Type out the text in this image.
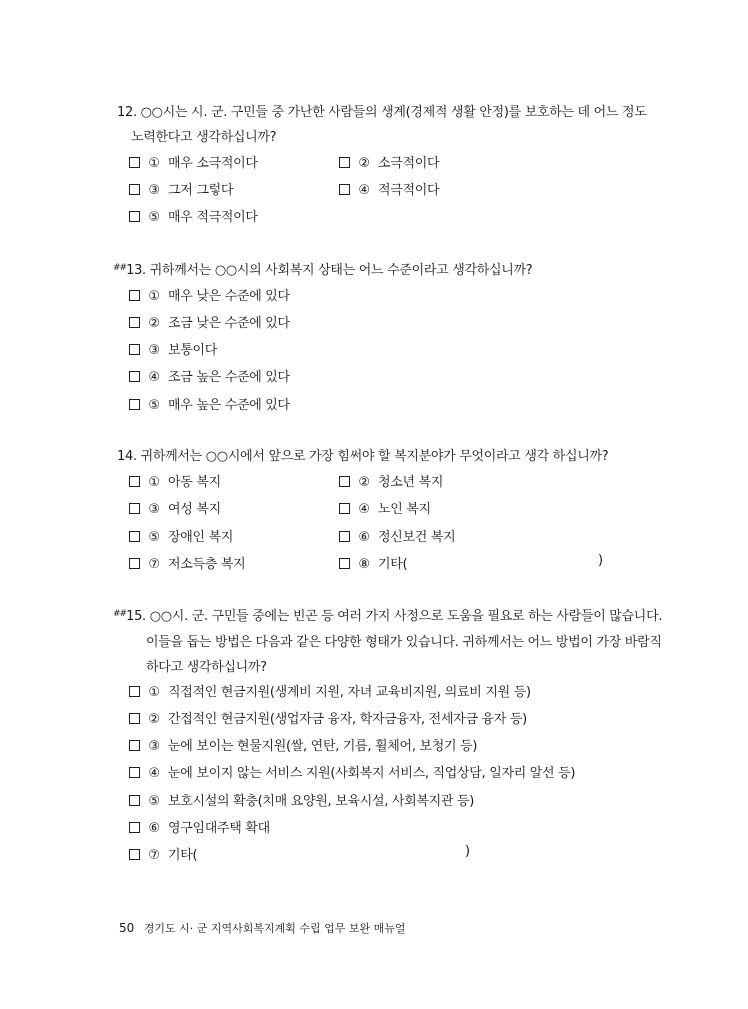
12. ○○시는 시. 군. 구민들 중 가난한 사람들의 생계(경제적 생활 안정)를 보호하는 데 어느 정도
노력한다고 생각하십니까?
① 매우 소극적이다	② 소극적이다
③ 그저 그렇다	④ 적극적이다
⑤ 매우 적극적이다
##13. 귀하께서는 ○○시의 사회복지 상태는 어느 수준이라고 생각하십니까?
① 매우 낮은 수준에 있다
② 조금 낮은 수준에 있다
③ 보통이다
④ 조금 높은 수준에 있다
⑤ 매우 높은 수준에 있다
14. 귀하께서는 ○○시에서 앞으로 가장 힘써야 할 복지분야가 무엇이라고 생각 하십니까?
① 아동 복지	② 청소년 복지
③ 여성 복지	④ 노인 복지
⑤ 장애인 복지	⑥ 정신보건 복지
⑦ 저소득층 복지	⑧ 기타(	)
##15. ○○시. 군. 구민들 중에는 빈곤 등 여러 가지 사정으로 도움을 필요로 하는 사람들이 많습니다.
이들을 돕는 방법은 다음과 같은 다양한 형태가 있습니다. 귀하께서는 어느 방법이 가장 바람직
하다고 생각하십니까?
① 직접적인 현금지원(생계비 지원, 자녀 교육비지원, 의료비 지원 등)
② 간접적인 현금지원(생업자금 융자, 학자금융자, 전세자금 융자 등)
③ 눈에 보이는 현물지원(쌀, 연탄, 기름, 휠체어, 보청기 등)
④ 눈에 보이지 않는 서비스 지원(사회복지 서비스, 직업상담, 일자리 알선 등)
⑤ 보호시설의 확충(치매 요양원, 보육시설, 사회복지관 등)
⑥ 영구임대주택 확대
⑦ 기타(	)
50 경기도 시· 군 지역사회복지계획 수립 업무 보완 매뉴얼
